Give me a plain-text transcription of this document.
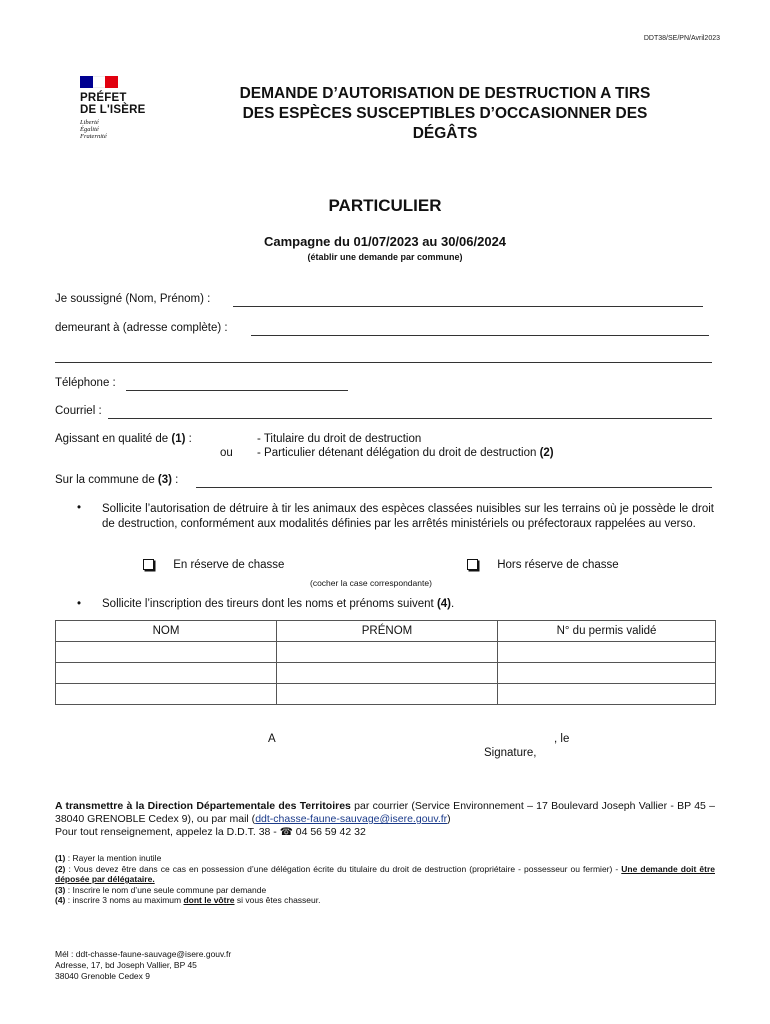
DDT38/SE/PN/Avril2023
PRÉFET
DE L'ISÈRE
Liberté
Égalité
Fraternité
DEMANDE D’AUTORISATION DE DESTRUCTION A TIRS
DES ESPÈCES SUSCEPTIBLES D’OCCASIONNER DES
DÉGÂTS
PARTICULIER
Campagne du 01/07/2023 au 30/06/2024
(établir une demande par commune)
Je soussigné (Nom, Prénom) :
demeurant à (adresse complète) :
Téléphone :
Courriel :
Agissant en qualité de (1) :	- Titulaire du droit de destruction
ou - Particulier détenant délégation du droit de destruction (2)
Sur la commune de (3) :
• Sollicite l’autorisation de détruire à tir les animaux des espèces classées nuisibles sur les terrains où je possède le droit de destruction, conformément aux modalités définies par les arrêtés ministériels ou préfectoraux rappelées au verso.
En réserve de chasse	Hors réserve de chasse
(cocher la case correspondante)
• Sollicite l’inscription des tireurs dont les noms et prénoms suivent (4).
NOM	PRÉNOM	N° du permis validé

A	, le
Signature,
A transmettre à la Direction Départementale des Territoires par courrier (Service Environnement – 17 Boulevard Joseph Vallier - BP 45 – 38040 GRENOBLE Cedex 9), ou par mail (ddt-chasse-faune-sauvage@isere.gouv.fr)
Pour tout renseignement, appelez la D.D.T. 38 - ☎ 04 56 59 42 32
(1) : Rayer la mention inutile
(2) : Vous devez être dans ce cas en possession d’une délégation écrite du titulaire du droit de destruction (propriétaire - possesseur ou fermier) - Une demande doit être déposée par délégataire.
(3) : Inscrire le nom d’une seule commune par demande
(4) : inscrire 3 noms au maximum dont le vôtre si vous êtes chasseur.
Mél : ddt-chasse-faune-sauvage@isere.gouv.fr
Adresse, 17, bd Joseph Vallier, BP 45
38040 Grenoble Cedex 9
